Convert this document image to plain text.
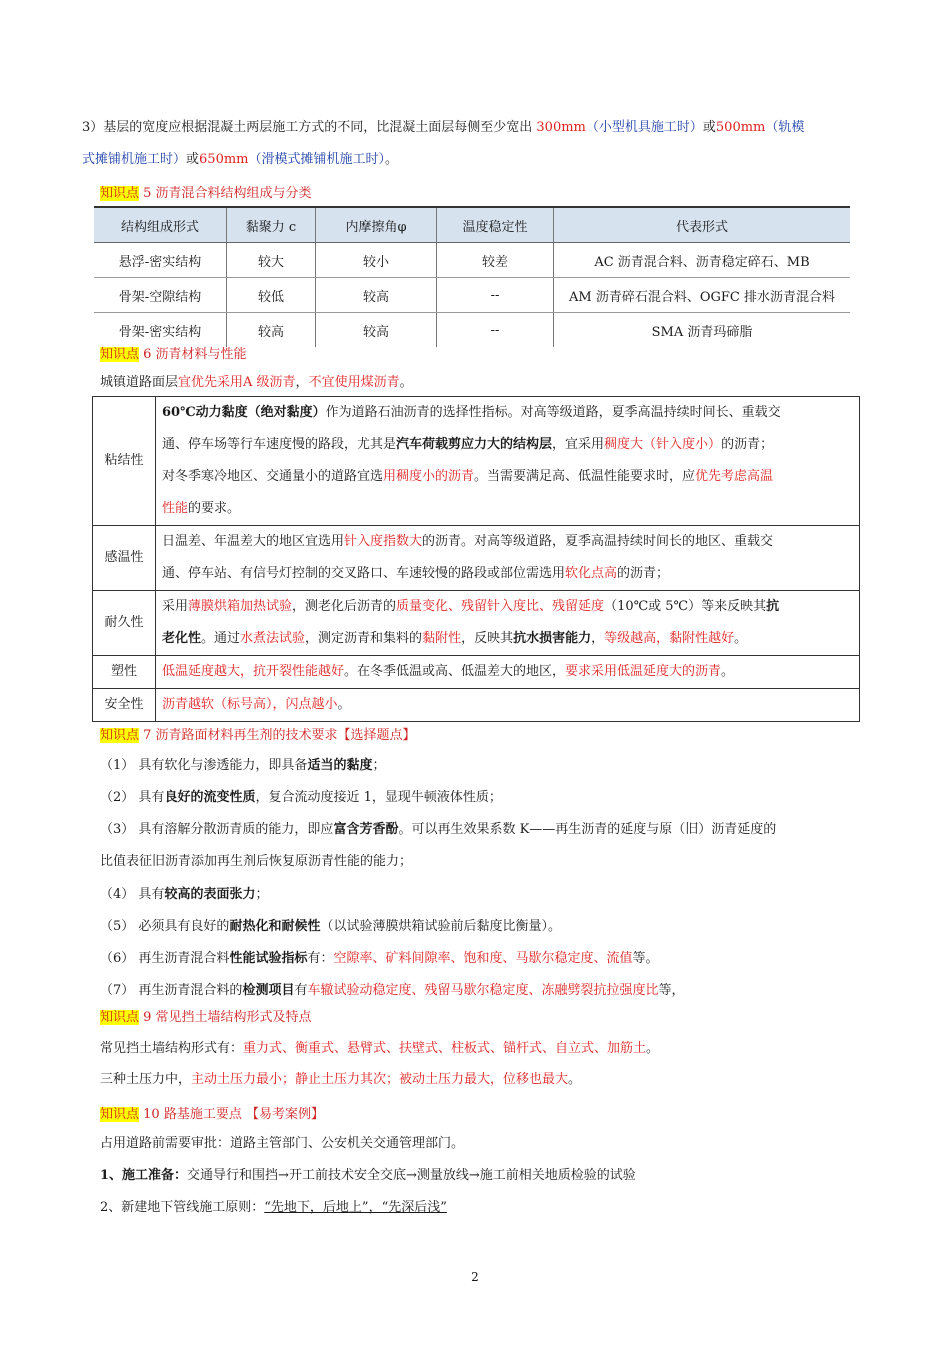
3）基层的宽度应根据混凝土两层施工方式的不同，比混凝土面层每侧至少宽出 300mm（小型机具施工时）或500mm（轨模
式摊铺机施工时）或650mm（滑模式摊铺机施工时）。
知识点 5 沥青混合料结构组成与分类
结构组成形式	黏聚力 c	内摩擦角φ	温度稳定性	代表形式
悬浮-密实结构	较大	较小	较差	AC 沥青混合料、沥青稳定碎石、MB
骨架-空隙结构	较低	较高	--	AM 沥青碎石混合料、OGFC 排水沥青混合料
骨架-密实结构	较高	较高	--	SMA 沥青玛碲脂
知识点 6 沥青材料与性能
城镇道路面层宜优先采用A 级沥青，不宜使用煤沥青。
粘结性	60℃动力黏度（绝对黏度）作为道路石油沥青的选择性指标。对高等级道路，夏季高温持续时间长、重载交
通、停车场等行车速度慢的路段，尤其是汽车荷载剪应力大的结构层，宜采用稠度大（针入度小）的沥青；
对冬季寒冷地区、交通量小的道路宜选用稠度小的沥青。当需要满足高、低温性能要求时，应优先考虑高温
性能的要求。
感温性	日温差、年温差大的地区宜选用针入度指数大的沥青。对高等级道路，夏季高温持续时间长的地区、重载交
通、停车站、有信号灯控制的交叉路口、车速较慢的路段或部位需选用软化点高的沥青；
耐久性	采用薄膜烘箱加热试验，测老化后沥青的质量变化、残留针入度比、残留延度（10℃或 5℃）等来反映其抗
老化性。通过水煮法试验，测定沥青和集料的黏附性，反映其抗水损害能力，等级越高，黏附性越好。
塑性	低温延度越大，抗开裂性能越好。在冬季低温或高、低温差大的地区，要求采用低温延度大的沥青。
安全性	沥青越软（标号高），闪点越小。
知识点 7 沥青路面材料再生剂的技术要求【选择题点】
（1） 具有软化与渗透能力，即具备适当的黏度；
（2） 具有良好的流变性质，复合流动度接近 1，显现牛顿液体性质；
（3） 具有溶解分散沥青质的能力，即应富含芳香酚。可以再生效果系数 K——再生沥青的延度与原（旧）沥青延度的
比值表征旧沥青添加再生剂后恢复原沥青性能的能力；
（4） 具有较高的表面张力；
（5） 必须具有良好的耐热化和耐候性（以试验薄膜烘箱试验前后黏度比衡量）。
（6） 再生沥青混合料性能试验指标有：空隙率、矿料间隙率、饱和度、马歇尔稳定度、流值等。
（7） 再生沥青混合料的检测项目有车辙试验动稳定度、残留马歇尔稳定度、冻融劈裂抗拉强度比等，
知识点 9 常见挡土墙结构形式及特点
常见挡土墙结构形式有：重力式、衡重式、悬臂式、扶壁式、柱板式、锚杆式、自立式、加筋土。
三种土压力中，主动土压力最小；静止土压力其次；被动土压力最大，位移也最大。
知识点 10 路基施工要点 【易考案例】
占用道路前需要审批：道路主管部门、公安机关交通管理部门。
1、施工准备：交通导行和围挡→开工前技术安全交底→测量放线→施工前相关地质检验的试验
2、新建地下管线施工原则：“先地下，后地上”，“先深后浅”
2
